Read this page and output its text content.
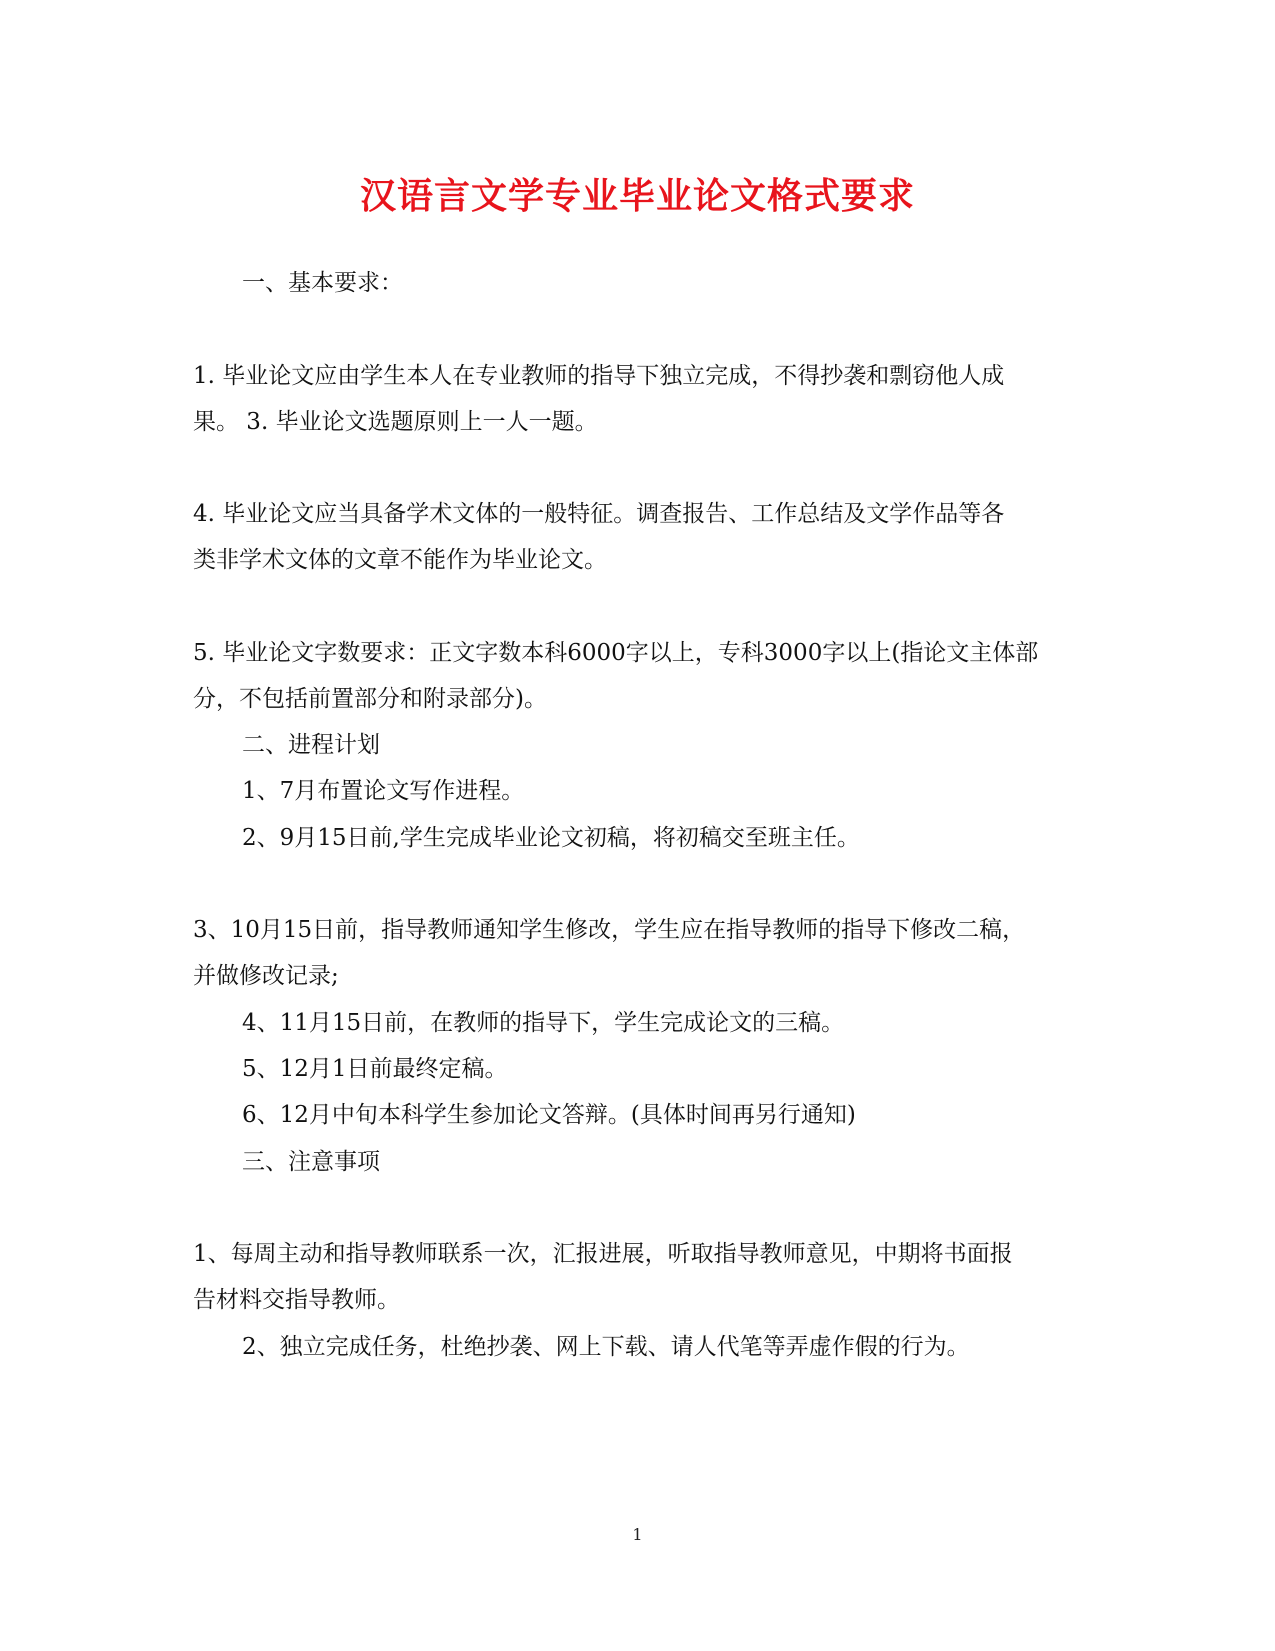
汉语言文学专业毕业论文格式要求
一、基本要求：
1. 毕业论文应由学生本人在专业教师的指导下独立完成，不得抄袭和剽窃他人成
果。 3. 毕业论文选题原则上一人一题。
4. 毕业论文应当具备学术文体的一般特征。调查报告、工作总结及文学作品等各
类非学术文体的文章不能作为毕业论文。
5. 毕业论文字数要求：正文字数本科6000字以上，专科3000字以上(指论文主体部
分，不包括前置部分和附录部分)。
二、进程计划
1、7月布置论文写作进程。
2、9月15日前,学生完成毕业论文初稿，将初稿交至班主任。
3、10月15日前，指导教师通知学生修改，学生应在指导教师的指导下修改二稿，
并做修改记录;
4、11月15日前，在教师的指导下，学生完成论文的三稿。
5、12月1日前最终定稿。
6、12月中旬本科学生参加论文答辩。(具体时间再另行通知)
三、注意事项
1、每周主动和指导教师联系一次，汇报进展，听取指导教师意见，中期将书面报
告材料交指导教师。
2、独立完成任务，杜绝抄袭、网上下载、请人代笔等弄虚作假的行为。
1
